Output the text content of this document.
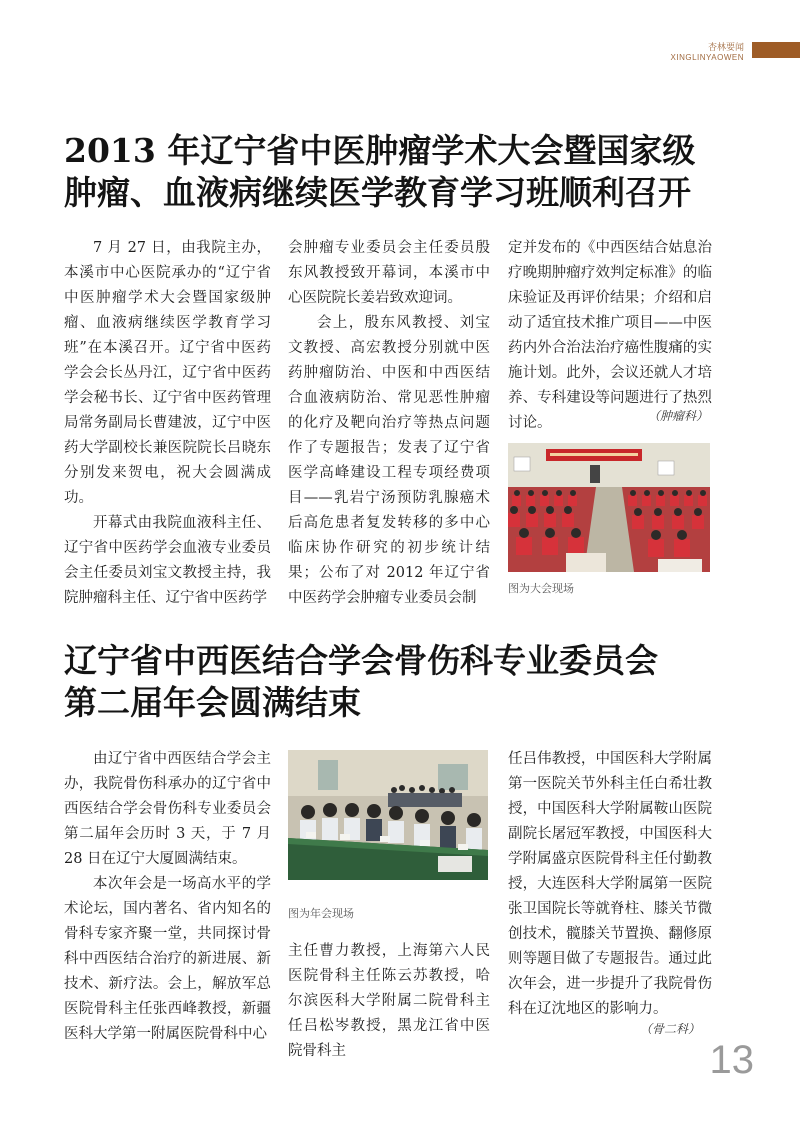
杏林要闻
XINGLINYAOWEN
2013 年辽宁省中医肿瘤学术大会暨国家级
肿瘤、血液病继续医学教育学习班顺利召开

7 月 27 日，由我院主办，本溪市中心医院承办的“辽宁省中医肿瘤学术大会暨国家级肿瘤、血液病继续医学教育学习班”在本溪召开。辽宁省中医药学会会长丛丹江，辽宁省中医药学会秘书长、辽宁省中医药管理局常务副局长曹建波，辽宁中医药大学副校长兼医院院长吕晓东分别发来贺电，祝大会圆满成功。

开幕式由我院血液科主任、辽宁省中医药学会血液专业委员会主任委员刘宝文教授主持，我院肿瘤科主任、辽宁省中医药学

会肿瘤专业委员会主任委员殷东风教授致开幕词，本溪市中心医院院长姜岩致欢迎词。

会上，殷东风教授、刘宝文教授、高宏教授分别就中医药肿瘤防治、中医和中西医结合血液病防治、常见恶性肿瘤的化疗及靶向治疗等热点问题作了专题报告；发表了辽宁省医学高峰建设工程专项经费项目——乳岩宁汤预防乳腺癌术后高危患者复发转移的多中心临床协作研究的初步统计结果；公布了对 2012 年辽宁省中医药学会肿瘤专业委员会制

定并发布的《中西医结合姑息治疗晚期肿瘤疗效判定标准》的临床验证及再评价结果；介绍和启动了适宜技术推广项目——中医药内外合治法治疗癌性腹痛的实施计划。此外，会议还就人才培养、专科建设等问题进行了热烈讨论。	（肿瘤科）
图为大会现场
辽宁省中西医结合学会骨伤科专业委员会
第二届年会圆满结束

由辽宁省中西医结合学会主办，我院骨伤科承办的辽宁省中西医结合学会骨伤科专业委员会第二届年会历时 3 天，于 7 月 28 日在辽宁大厦圆满结束。

本次年会是一场高水平的学术论坛，国内著名、省内知名的骨科专家齐聚一堂，共同探讨骨科中西医结合治疗的新进展、新技术、新疗法。会上，解放军总医院骨科主任张西峰教授，新疆医科大学第一附属医院骨科中心

图为年会现场

主任曹力教授，上海第六人民医院骨科主任陈云苏教授，哈尔滨医科大学附属二院骨科主任吕松岑教授，黑龙江省中医院骨科主

任吕伟教授，中国医科大学附属第一医院关节外科主任白希壮教授，中国医科大学附属鞍山医院副院长屠冠军教授，中国医科大学附属盛京医院骨科主任付勤教授，大连医科大学附属第一医院张卫国院长等就脊柱、膝关节微创技术，髋膝关节置换、翻修原则等题目做了专题报告。通过此次年会，进一步提升了我院骨伤科在辽沈地区的影响力。

（骨二科）
13
